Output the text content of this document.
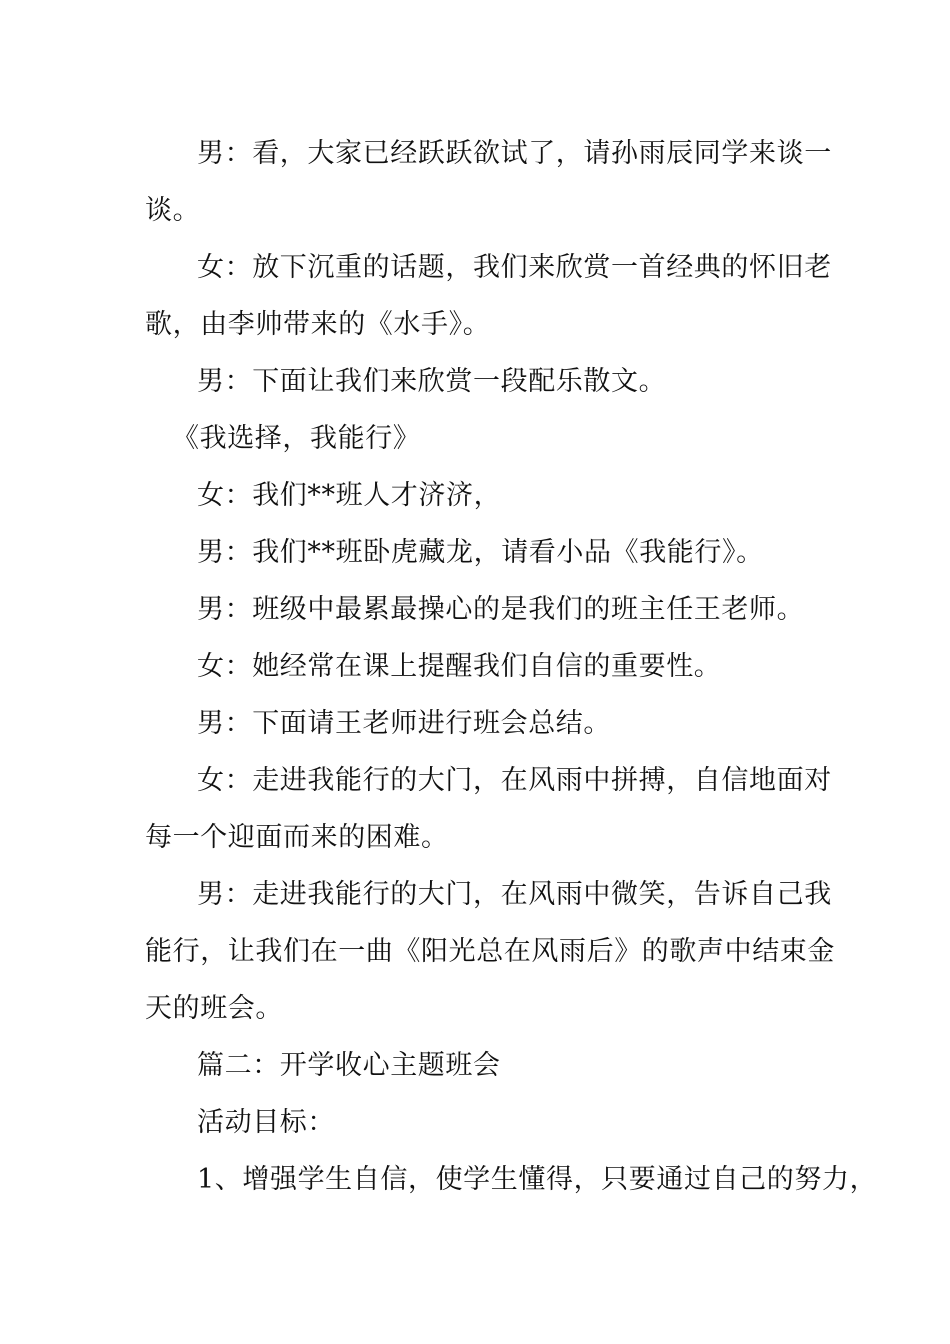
男：看，大家已经跃跃欲试了，请孙雨辰同学来谈一

谈。

女：放下沉重的话题，我们来欣赏一首经典的怀旧老

歌，由李帅带来的《水手》。

男：下面让我们来欣赏一段配乐散文。

《我选择，我能行》

女：我们**班人才济济，

男：我们**班卧虎藏龙，请看小品《我能行》。

男：班级中最累最操心的是我们的班主任王老师。

女：她经常在课上提醒我们自信的重要性。

男：下面请王老师进行班会总结。

女：走进我能行的大门，在风雨中拼搏，自信地面对

每一个迎面而来的困难。

男：走进我能行的大门，在风雨中微笑，告诉自己我

能行，让我们在一曲《阳光总在风雨后》的歌声中结束金

天的班会。

篇二：开学收心主题班会

活动目标：

1、增强学生自信，使学生懂得，只要通过自己的努力，
